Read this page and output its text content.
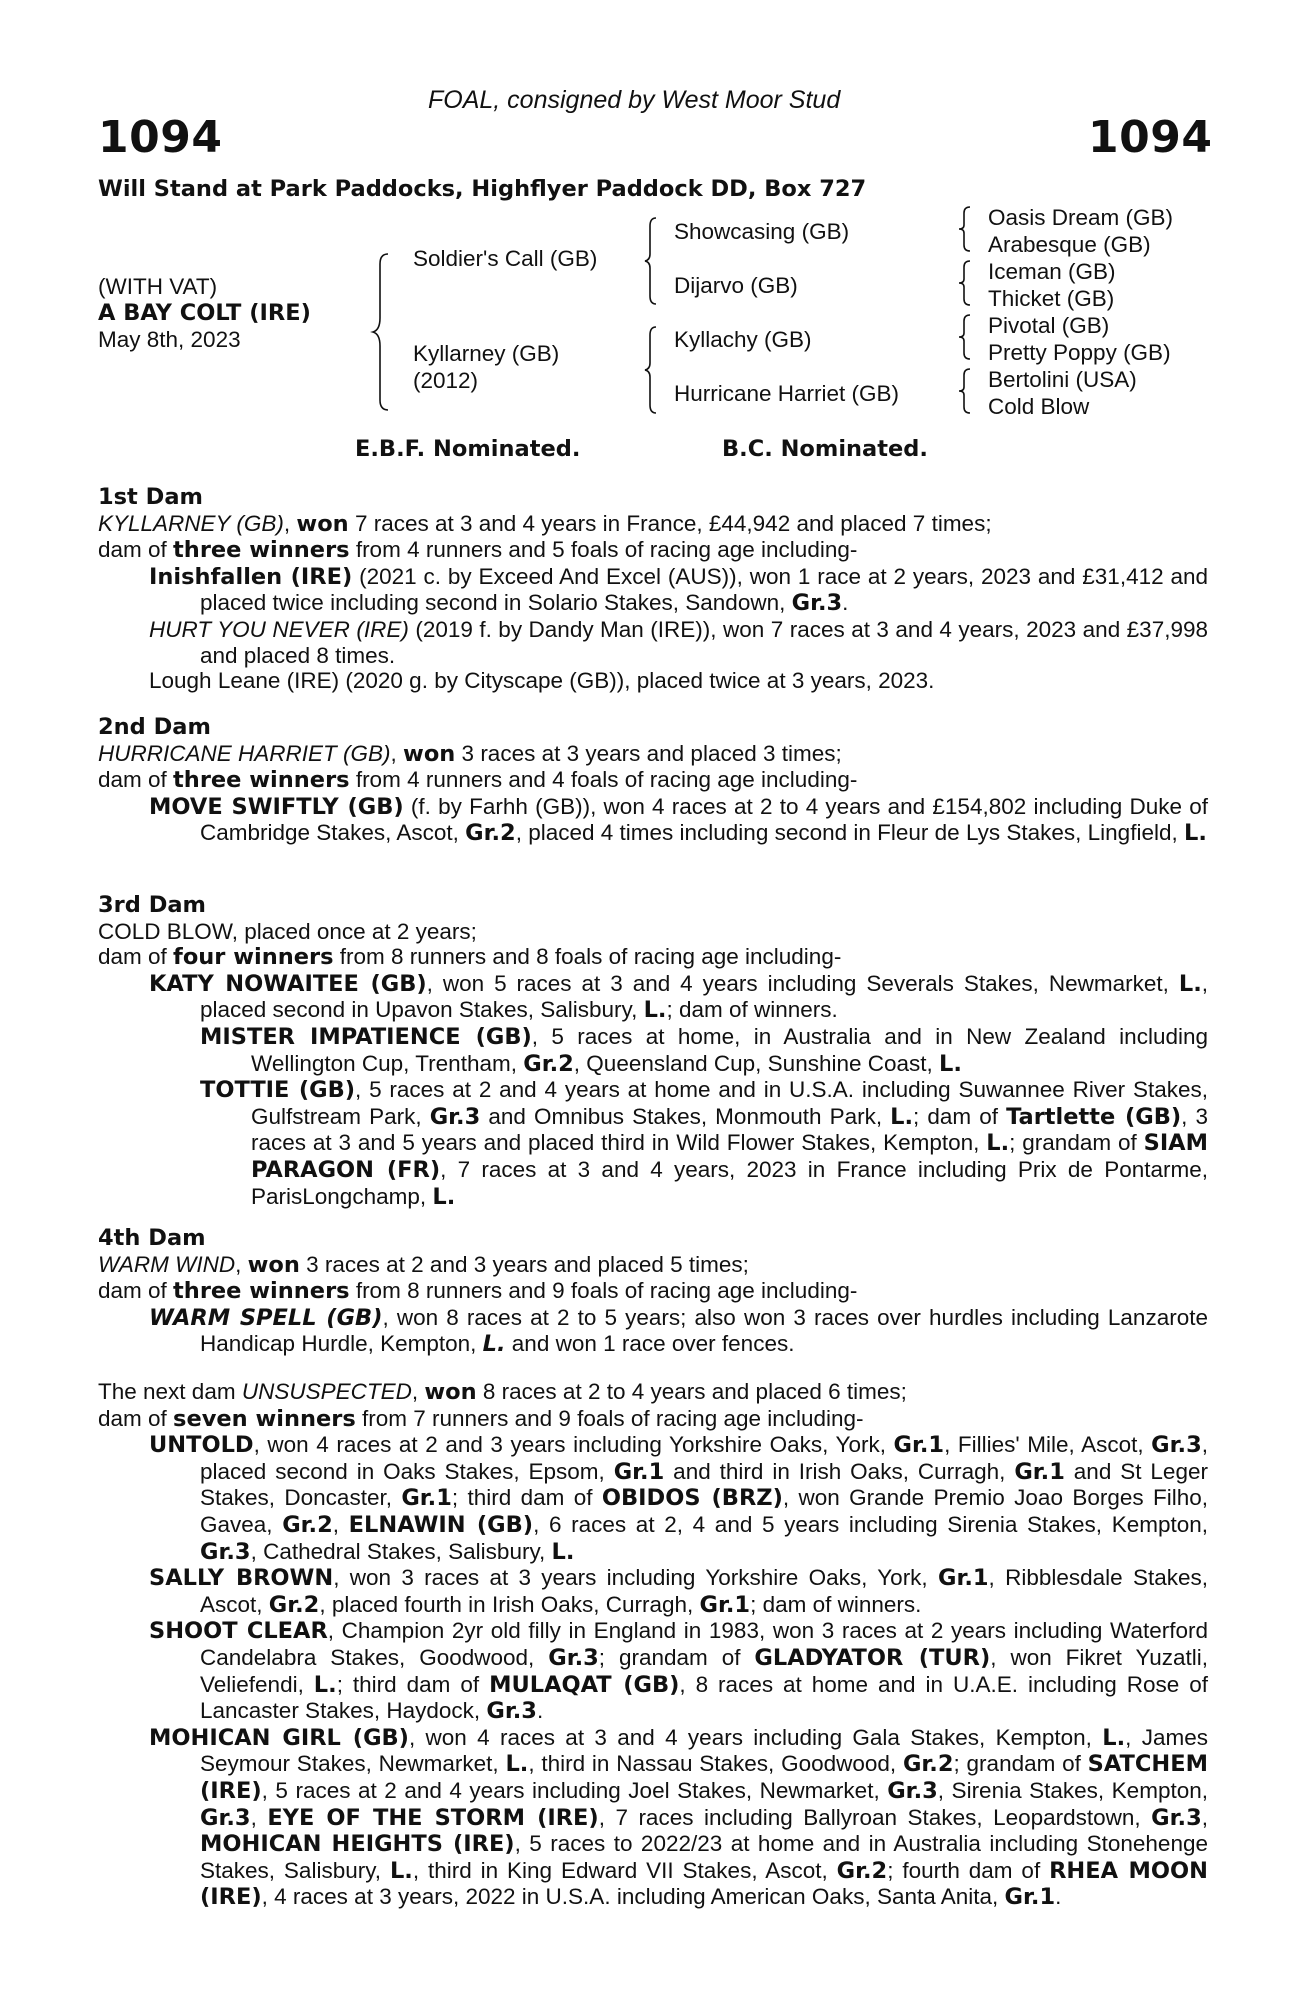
FOAL, consigned by West Moor Stud
1094	1094
Will Stand at Park Paddocks, Highflyer Paddock DD, Box 727
(WITH VAT)
A BAY COLT (IRE)
May 8th, 2023
Soldier's Call (GB)
Kyllarney (GB)
(2012)
Showcasing (GB)
Dijarvo (GB)
Kyllachy (GB)
Hurricane Harriet (GB)
Oasis Dream (GB)
Arabesque (GB)
Iceman (GB)
Thicket (GB)
Pivotal (GB)
Pretty Poppy (GB)
Bertolini (USA)
Cold Blow
E.B.F. Nominated.	B.C. Nominated.

1st Dam

KYLLARNEY (GB), won 7 races at 3 and 4 years in France, £44,942 and placed 7 times;

dam of three winners from 4 runners and 5 foals of racing age including-

Inishfallen (IRE) (2021 c. by Exceed And Excel (AUS)), won 1 race at 2 years, 2023 and £31,412 and placed twice including second in Solario Stakes, Sandown, Gr.3.

HURT YOU NEVER (IRE) (2019 f. by Dandy Man (IRE)), won 7 races at 3 and 4 years, 2023 and £37,998 and placed 8 times.

Lough Leane (IRE) (2020 g. by Cityscape (GB)), placed twice at 3 years, 2023.

2nd Dam

HURRICANE HARRIET (GB), won 3 races at 3 years and placed 3 times;

dam of three winners from 4 runners and 4 foals of racing age including-

MOVE SWIFTLY (GB) (f. by Farhh (GB)), won 4 races at 2 to 4 years and £154,802 including Duke of Cambridge Stakes, Ascot, Gr.2, placed 4 times including second in Fleur de Lys Stakes, Lingfield, L.

3rd Dam

COLD BLOW, placed once at 2 years;

dam of four winners from 8 runners and 8 foals of racing age including-

KATY NOWAITEE (GB), won 5 races at 3 and 4 years including Severals Stakes, Newmarket, L., placed second in Upavon Stakes, Salisbury, L.; dam of winners.

MISTER IMPATIENCE (GB), 5 races at home, in Australia and in New Zealand including Wellington Cup, Trentham, Gr.2, Queensland Cup, Sunshine Coast, L.

TOTTIE (GB), 5 races at 2 and 4 years at home and in U.S.A. including Suwannee River Stakes, Gulfstream Park, Gr.3 and Omnibus Stakes, Monmouth Park, L.; dam of Tartlette (GB), 3 races at 3 and 5 years and placed third in Wild Flower Stakes, Kempton, L.; grandam of SIAM PARAGON (FR), 7 races at 3 and 4 years, 2023 in France including Prix de Pontarme, ParisLongchamp, L.

4th Dam

WARM WIND, won 3 races at 2 and 3 years and placed 5 times;

dam of three winners from 8 runners and 9 foals of racing age including-

WARM SPELL (GB), won 8 races at 2 to 5 years; also won 3 races over hurdles including Lanzarote Handicap Hurdle, Kempton, L. and won 1 race over fences.

The next dam UNSUSPECTED, won 8 races at 2 to 4 years and placed 6 times;

dam of seven winners from 7 runners and 9 foals of racing age including-

UNTOLD, won 4 races at 2 and 3 years including Yorkshire Oaks, York, Gr.1, Fillies' Mile, Ascot, Gr.3, placed second in Oaks Stakes, Epsom, Gr.1 and third in Irish Oaks, Curragh, Gr.1 and St Leger Stakes, Doncaster, Gr.1; third dam of OBIDOS (BRZ), won Grande Premio Joao Borges Filho, Gavea, Gr.2, ELNAWIN (GB), 6 races at 2, 4 and 5 years including Sirenia Stakes, Kempton, Gr.3, Cathedral Stakes, Salisbury, L.

SALLY BROWN, won 3 races at 3 years including Yorkshire Oaks, York, Gr.1, Ribblesdale Stakes, Ascot, Gr.2, placed fourth in Irish Oaks, Curragh, Gr.1; dam of winners.

SHOOT CLEAR, Champion 2yr old filly in England in 1983, won 3 races at 2 years including Waterford Candelabra Stakes, Goodwood, Gr.3; grandam of GLADYATOR (TUR), won Fikret Yuzatli, Veliefendi, L.; third dam of MULAQAT (GB), 8 races at home and in U.A.E. including Rose of Lancaster Stakes, Haydock, Gr.3.

MOHICAN GIRL (GB), won 4 races at 3 and 4 years including Gala Stakes, Kempton, L., James Seymour Stakes, Newmarket, L., third in Nassau Stakes, Goodwood, Gr.2; grandam of SATCHEM (IRE), 5 races at 2 and 4 years including Joel Stakes, Newmarket, Gr.3, Sirenia Stakes, Kempton, Gr.3, EYE OF THE STORM (IRE), 7 races including Ballyroan Stakes, Leopardstown, Gr.3, MOHICAN HEIGHTS (IRE), 5 races to 2022/23 at home and in Australia including Stonehenge Stakes, Salisbury, L., third in King Edward VII Stakes, Ascot, Gr.2; fourth dam of RHEA MOON (IRE), 4 races at 3 years, 2022 in U.S.A. including American Oaks, Santa Anita, Gr.1.
